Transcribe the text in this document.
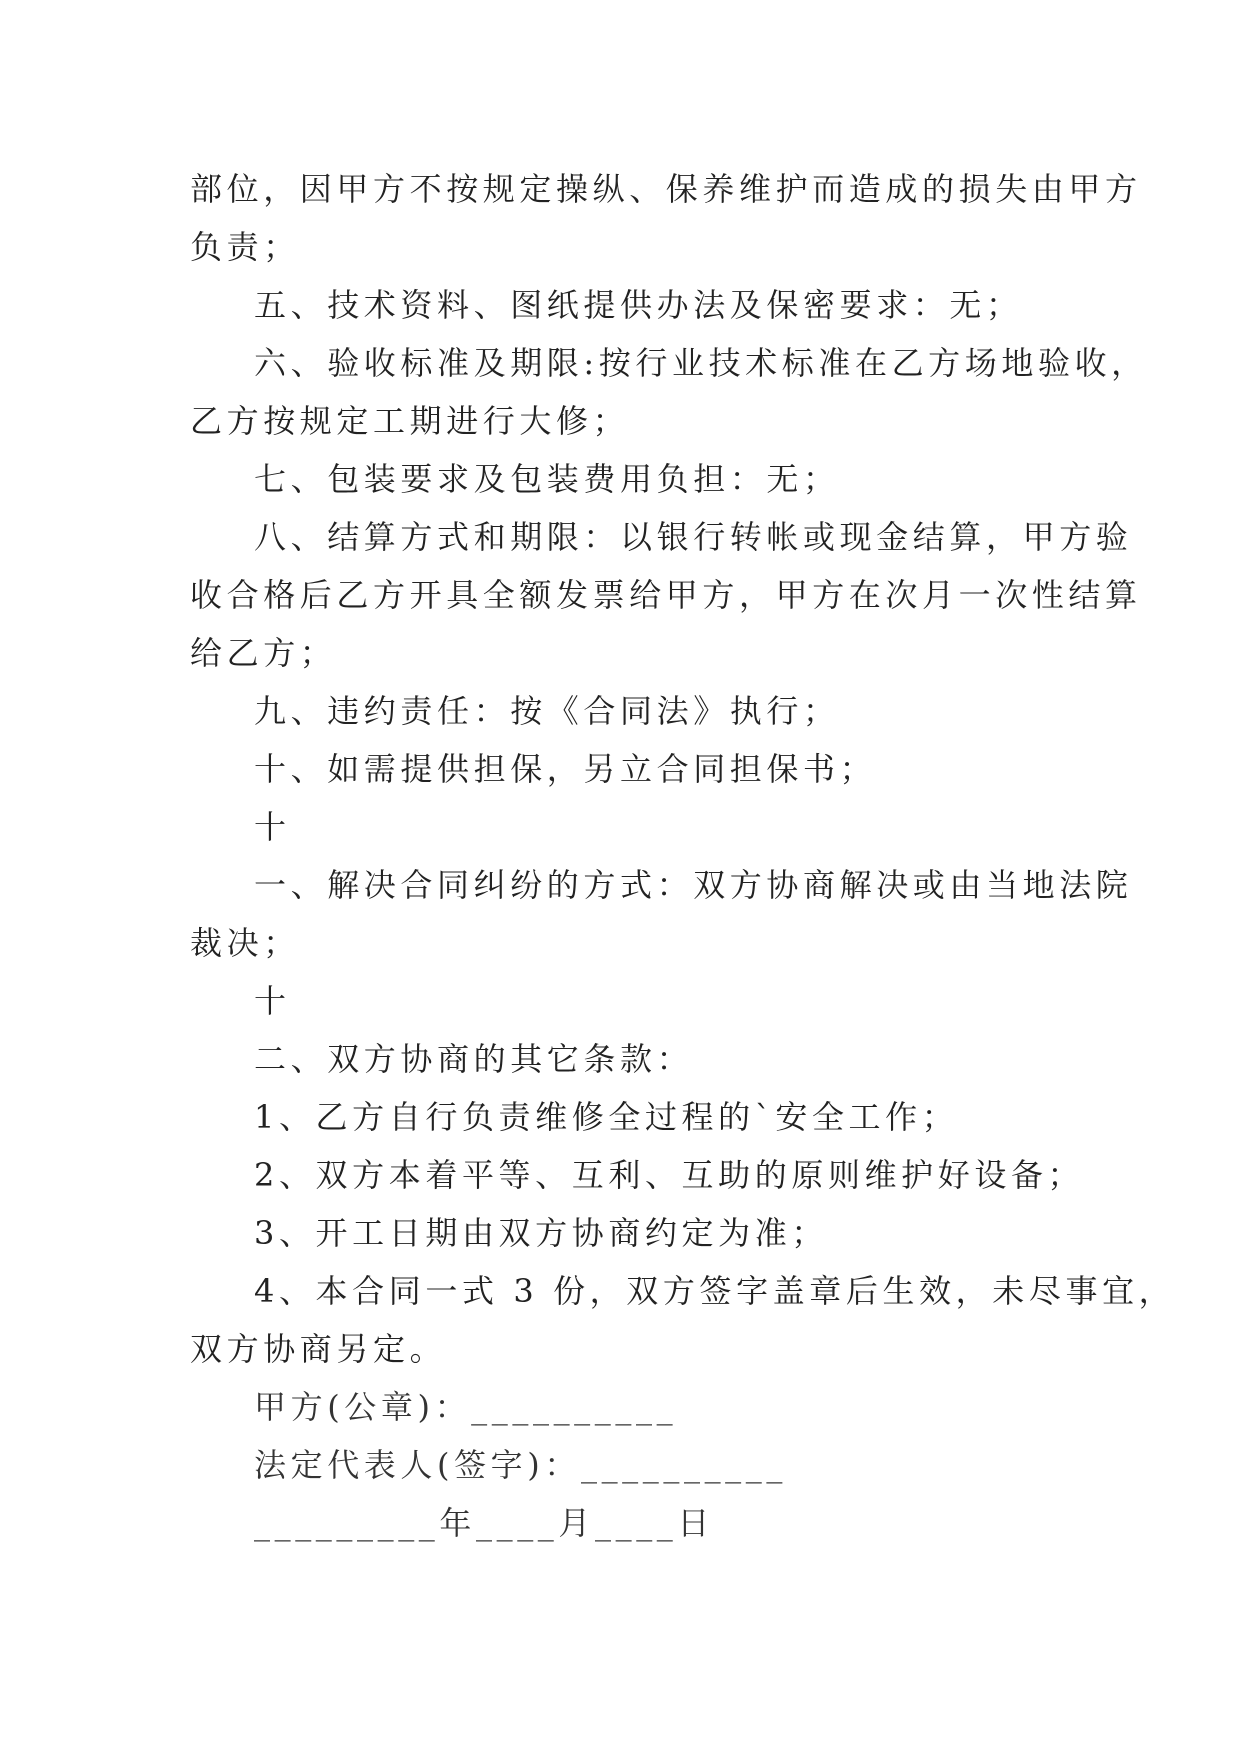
部位，因甲方不按规定操纵、保养维护而造成的损失由甲方
负责；
五、技术资料、图纸提供办法及保密要求：无；
六、验收标准及期限:按行业技术标准在乙方场地验收，
乙方按规定工期进行大修；
七、包装要求及包装费用负担：无；
八、结算方式和期限：以银行转帐或现金结算，甲方验
收合格后乙方开具全额发票给甲方，甲方在次月一次性结算
给乙方；
九、违约责任：按《合同法》执行；
十、如需提供担保，另立合同担保书；
十
一、解决合同纠纷的方式：双方协商解决或由当地法院
裁决；
十
二、双方协商的其它条款：
1、乙方自行负责维修全过程的`安全工作；
2、双方本着平等、互利、互助的原则维护好设备；
3、开工日期由双方协商约定为准；
4、本合同一式 3 份，双方签字盖章后生效，未尽事宜，
双方协商另定。
甲方(公章)：__________
法定代表人(签字)：__________
_________年____月____日
